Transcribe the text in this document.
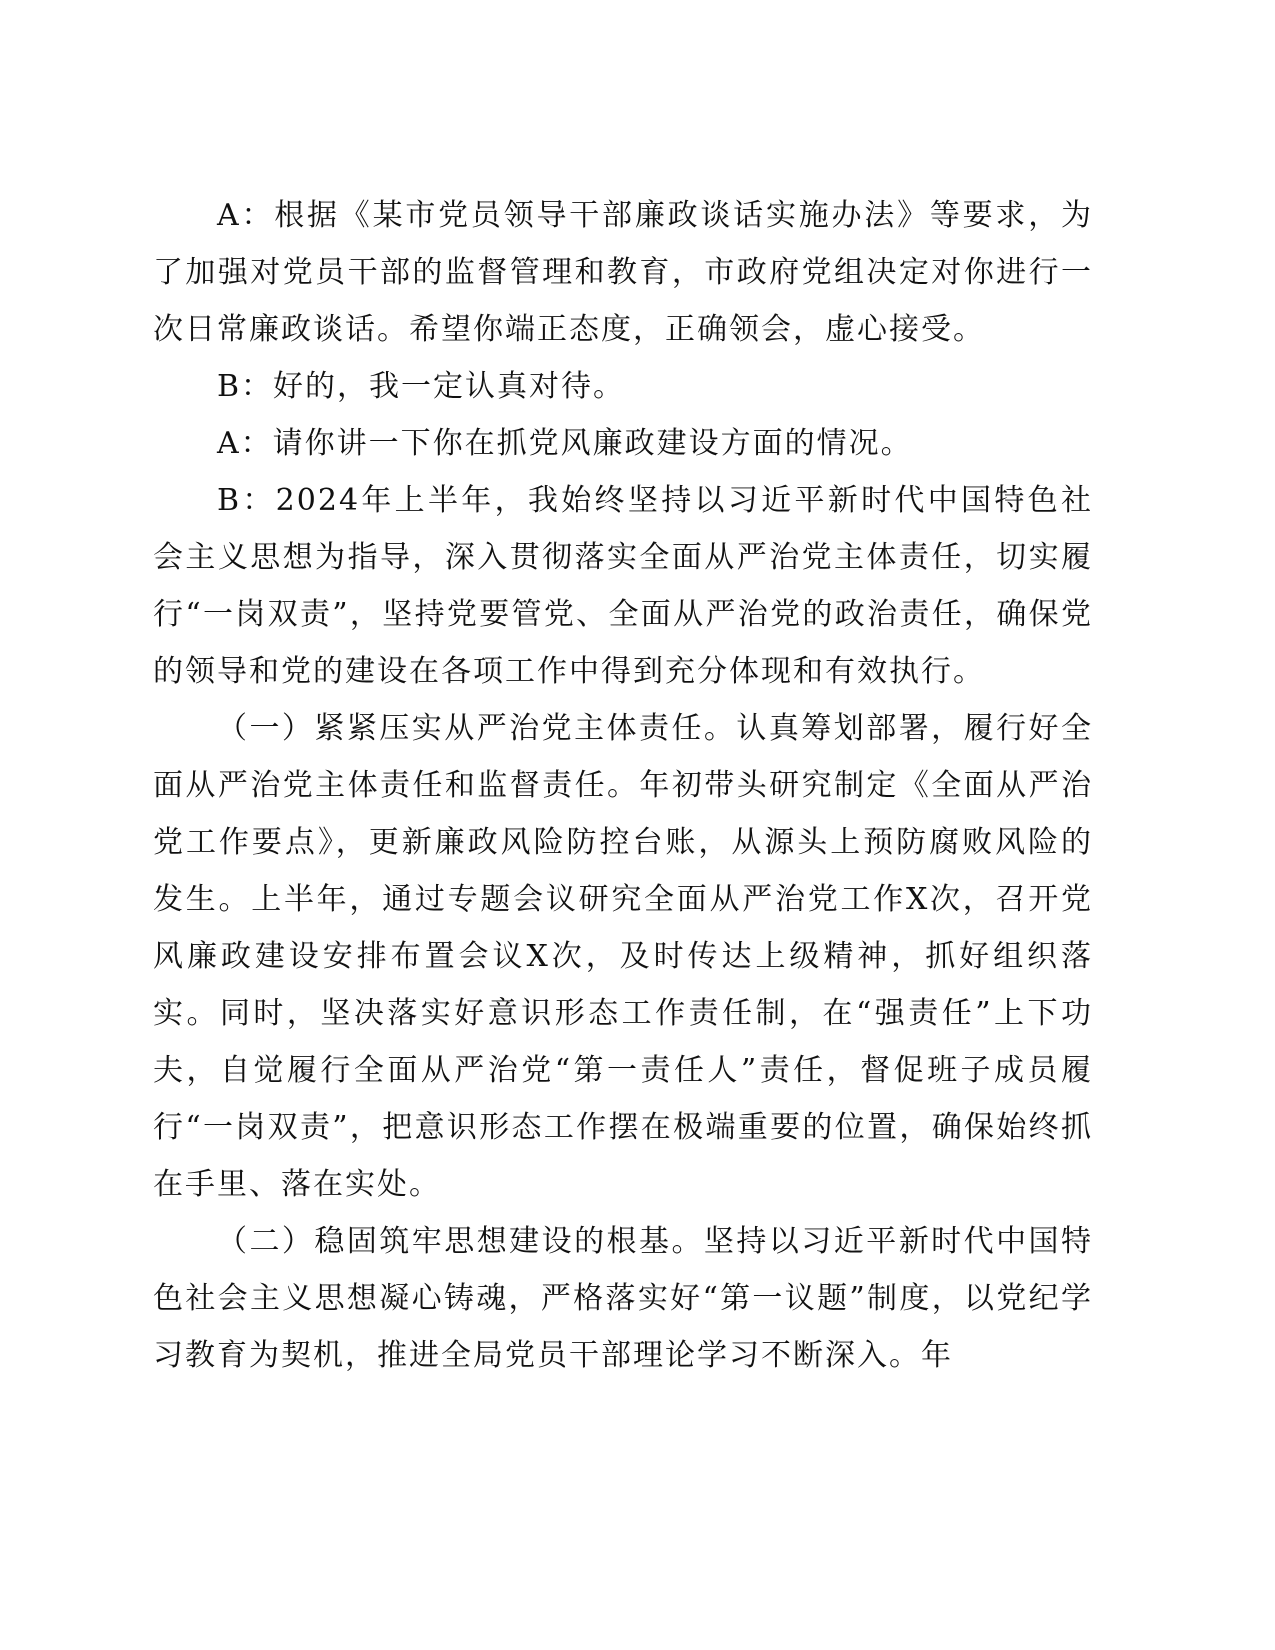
A：根据《某市党员领导干部廉政谈话实施办法》等要求，为了加强对党员干部的监督管理和教育，市政府党组决定对你进行一次日常廉政谈话。希望你端正态度，正确领会，虚心接受。

B：好的，我一定认真对待。

A：请你讲一下你在抓党风廉政建设方面的情况。

B：2024年上半年，我始终坚持以习近平新时代中国特色社会主义思想为指导，深入贯彻落实全面从严治党主体责任，切实履行“一岗双责”，坚持党要管党、全面从严治党的政治责任，确保党的领导和党的建设在各项工作中得到充分体现和有效执行。

（一）紧紧压实从严治党主体责任。认真筹划部署，履行好全面从严治党主体责任和监督责任。年初带头研究制定《全面从严治党工作要点》，更新廉政风险防控台账，从源头上预防腐败风险的发生。上半年，通过专题会议研究全面从严治党工作X次，召开党风廉政建设安排布置会议X次，及时传达上级精神，抓好组织落实。同时，坚决落实好意识形态工作责任制，在“强责任”上下功夫，自觉履行全面从严治党“第一责任人”责任，督促班子成员履行“一岗双责”，把意识形态工作摆在极端重要的位置，确保始终抓在手里、落在实处。

（二）稳固筑牢思想建设的根基。坚持以习近平新时代中国特色社会主义思想凝心铸魂，严格落实好“第一议题”制度，以党纪学习教育为契机，推进全局党员干部理论学习不断深入。年
